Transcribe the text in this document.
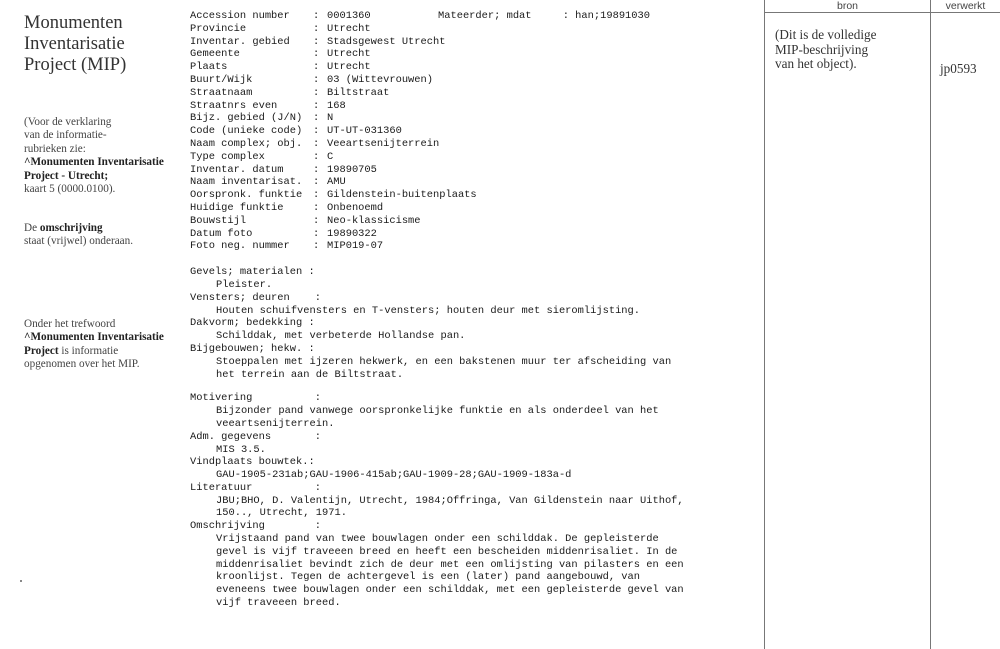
Monumenten
Inventarisatie
Project (MIP)
(Voor de verklaring
van de informatie-
rubrieken zie:
^Monumenten Inventarisatie
Project - Utrecht;
kaart 5 (0000.0100).
De omschrijving
staat (vrijwel) onderaan.
Onder het trefwoord
^Monumenten Inventarisatie
Project is informatie
opgenomen over het MIP.
Accession number	: 0001360	Mateerder; mdat     : han;19891030
Provincie	: Utrecht
Inventar. gebied	: Stadsgewest Utrecht
Gemeente	: Utrecht
Plaats	: Utrecht
Buurt/Wijk	: 03 (Wittevrouwen)
Straatnaam	: Biltstraat
Straatnrs even	: 168
Bijz. gebied (J/N)	: N
Code (unieke code)	: UT-UT-031360
Naam complex; obj.	: Veeartsenijterrein
Type complex	: C
Inventar. datum	: 19890705
Naam inventarisat.	: AMU
Oorspronk. funktie	: Gildenstein-buitenplaats
Huidige funktie	: Onbenoemd
Bouwstijl	: Neo-klassicisme
Datum foto	: 19890322
Foto neg. nummer	: MIP019-07
Gevels; materialen :
Pleister.
Vensters; deuren    :
Houten schuifvensters en T-vensters; houten deur met sieromlijsting.
Dakvorm; bedekking :
Schilddak, met verbeterde Hollandse pan.
Bijgebouwen; hekw. :
Stoeppalen met ijzeren hekwerk, en een bakstenen muur ter afscheiding van
het terrein aan de Biltstraat.
Motivering          :
Bijzonder pand vanwege oorspronkelijke funktie en als onderdeel van het
veeartsenijterrein.
Adm. gegevens       :
MIS 3.5.
Vindplaats bouwtek.:
GAU-1905-231ab;GAU-1906-415ab;GAU-1909-28;GAU-1909-183a-d
Literatuur          :
JBU;BHO, D. Valentijn, Utrecht, 1984;Offringa, Van Gildenstein naar Uithof,
150.., Utrecht, 1971.
Omschrijving        :
Vrijstaand pand van twee bouwlagen onder een schilddak. De gepleisterde
gevel is vijf traveeen breed en heeft een bescheiden middenrisaliet. In de
middenrisaliet bevindt zich de deur met een omlijsting van pilasters en een
kroonlijst. Tegen de achtergevel is een (later) pand aangebouwd, van
eveneens twee bouwlagen onder een schilddak, met een gepleisterde gevel van
vijf traveeen breed.
bron	verwerkt
(Dit is de volledige
MIP-beschrijving
van het object).	jp0593
